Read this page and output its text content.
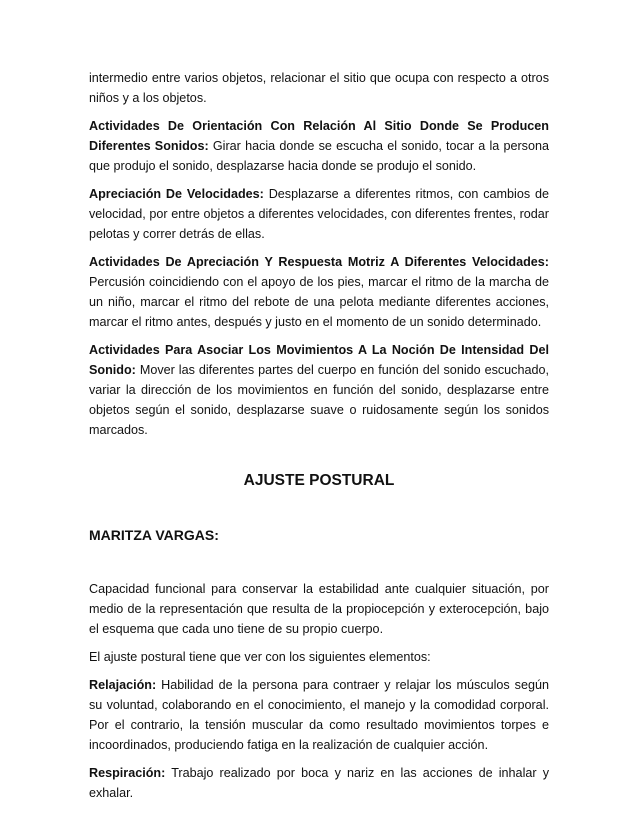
intermedio entre varios objetos, relacionar el sitio que ocupa con respecto a otros niños y a los objetos.

Actividades De Orientación Con Relación Al Sitio Donde Se Producen Diferentes Sonidos: Girar hacia donde se escucha el sonido, tocar a la persona que produjo el sonido, desplazarse hacia donde se produjo el sonido.

Apreciación De Velocidades: Desplazarse a diferentes ritmos, con cambios de velocidad, por entre objetos a diferentes velocidades, con diferentes frentes, rodar pelotas y correr detrás de ellas.

Actividades De Apreciación Y Respuesta Motriz A Diferentes Velocidades: Percusión coincidiendo con el apoyo de los pies, marcar el ritmo de la marcha de un niño, marcar el ritmo del rebote de una pelota mediante diferentes acciones, marcar el ritmo antes, después y justo en el momento de un sonido determinado.

Actividades Para Asociar Los Movimientos A La Noción De Intensidad Del Sonido: Mover las diferentes partes del cuerpo en función del sonido escuchado, variar la dirección de los movimientos en función del sonido, desplazarse entre objetos según el sonido, desplazarse suave o ruidosamente según los sonidos marcados.

AJUSTE POSTURAL

MARITZA VARGAS:

Capacidad funcional para conservar la estabilidad ante cualquier situación, por medio de la representación que resulta de la propiocepción y exterocepción, bajo el esquema que cada uno tiene de su propio cuerpo.

El ajuste postural tiene que ver con los siguientes elementos:

Relajación: Habilidad de la persona para contraer y relajar los músculos según su voluntad, colaborando en el conocimiento, el manejo y la comodidad corporal. Por el contrario, la tensión muscular da como resultado movimientos torpes e incoordinados, produciendo fatiga en la realización de cualquier acción.

Respiración: Trabajo realizado por boca y nariz en las acciones de inhalar y exhalar.
